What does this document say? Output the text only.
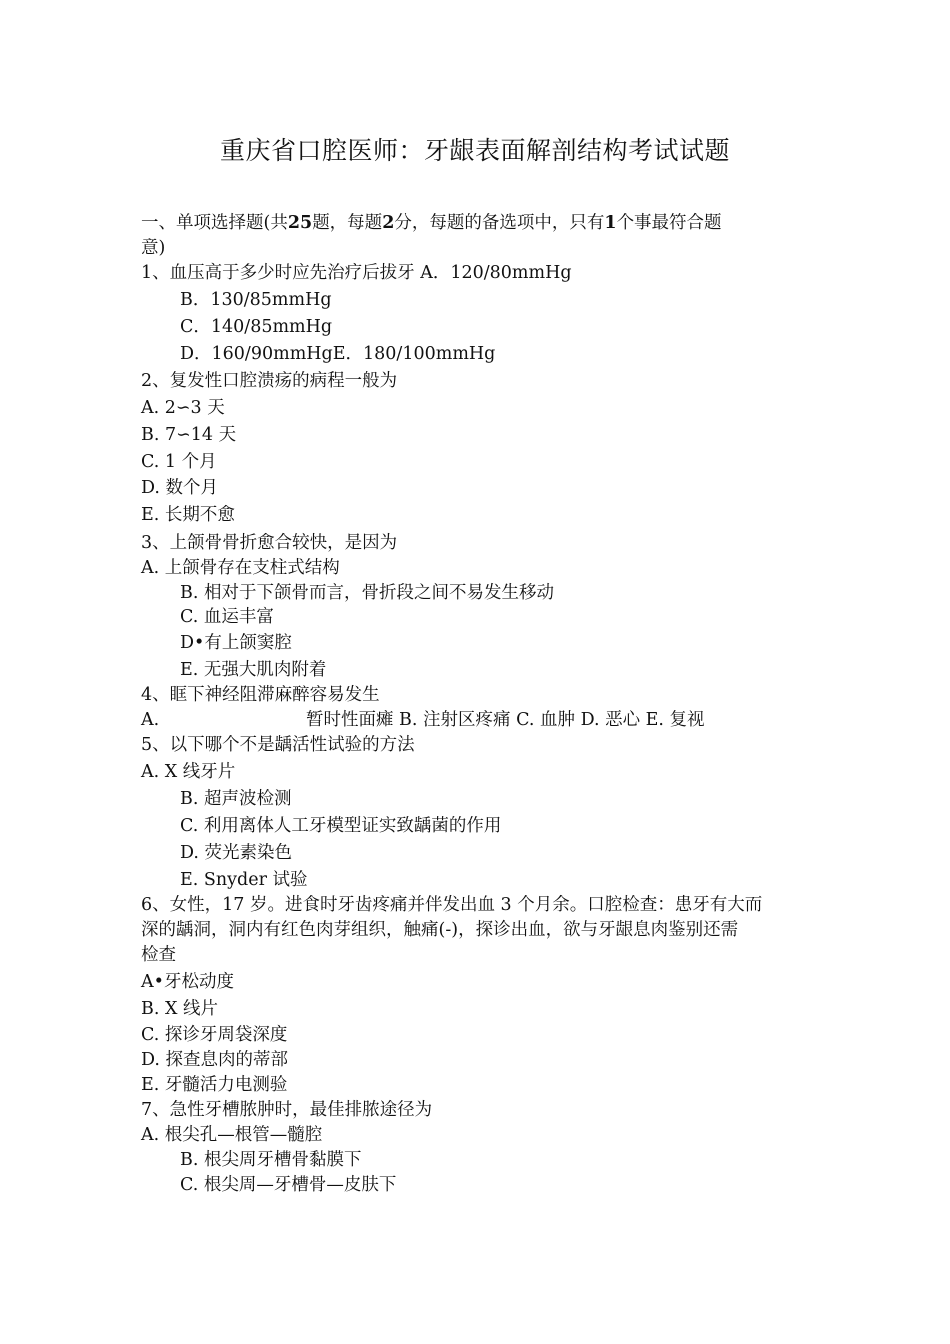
重庆省口腔医师：牙龈表面解剖结构考试试题
一、单项选择题(共25题，每题2分，每题的备选项中，只有1个事最符合题
意)
1、血压高于多少时应先治疗后拔牙 A．120/80mmHg
B．130/85mmHg
C．140/85mmHg
D．160/90mmHgE．180/100mmHg
2、复发性口腔溃疡的病程一般为
A. 2∽3 天
B. 7∽14 天
C. 1 个月
D. 数个月
E. 长期不愈
3、上颌骨骨折愈合较快，是因为
A. 上颌骨存在支柱式结构
B. 相对于下颌骨而言，骨折段之间不易发生移动
C. 血运丰富
D•有上颌窦腔
E. 无强大肌肉附着
4、眶下神经阻滞麻醉容易发生
A.	暂时性面瘫 B. 注射区疼痛 C. 血肿 D. 恶心 E. 复视
5、以下哪个不是龋活性试验的方法
A. X 线牙片
B. 超声波检测
C. 利用离体人工牙模型证实致龋菌的作用
D. 荧光素染色
E. Snyder 试验
6、女性，17 岁。进食时牙齿疼痛并伴发出血 3 个月余。口腔检查：患牙有大而
深的龋洞，洞内有红色肉芽组织，触痛(-)，探诊出血，欲与牙龈息肉鉴别还需
检查
A•牙松动度
B. X 线片
C. 探诊牙周袋深度
D. 探查息肉的蒂部
E. 牙髓活力电测验
7、急性牙槽脓肿时，最佳排脓途径为
A. 根尖孔—根管—髓腔
B. 根尖周牙槽骨黏膜下
C. 根尖周—牙槽骨—皮肤下
